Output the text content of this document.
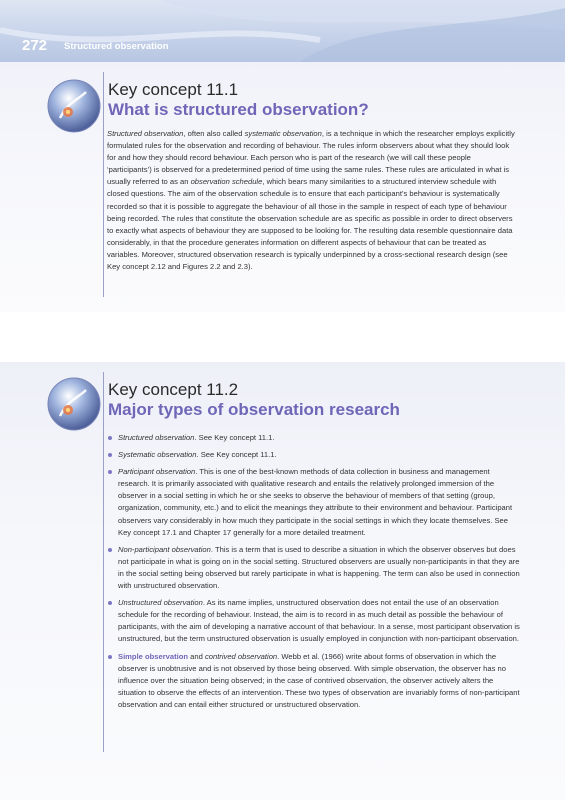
272 Structured observation
Key concept 11.1
What is structured observation?

Structured observation, often also called systematic observation, is a technique in which the researcher employs explicitly formulated rules for the observation and recording of behaviour. The rules inform observers about what they should look for and how they should record behaviour. Each person who is part of the research (we will call these people ‘participants’) is observed for a predetermined period of time using the same rules. These rules are articulated in what is usually referred to as an observation schedule, which bears many similarities to a structured interview schedule with closed questions. The aim of the observation schedule is to ensure that each participant’s behaviour is systematically recorded so that it is possible to aggregate the behaviour of all those in the sample in respect of each type of behaviour being recorded. The rules that constitute the observation schedule are as specific as possible in order to direct observers to exactly what aspects of behaviour they are supposed to be looking for. The resulting data resemble questionnaire data considerably, in that the procedure generates information on different aspects of behaviour that can be treated as variables. Moreover, structured observation research is typically underpinned by a cross-sectional research design (see Key concept 2.12 and Figures 2.2 and 2.3).

Key concept 11.2
Major types of observation research
Structured observation. See Key concept 11.1.
Systematic observation. See Key concept 11.1.
Participant observation. This is one of the best-known methods of data collection in business and management research. It is primarily associated with qualitative research and entails the relatively prolonged immersion of the observer in a social setting in which he or she seeks to observe the behaviour of members of that setting (group, organization, community, etc.) and to elicit the meanings they attribute to their environment and behaviour. Participant observers vary considerably in how much they participate in the social settings in which they locate themselves. See Key concept 17.1 and Chapter 17 generally for a more detailed treatment.
Non-participant observation. This is a term that is used to describe a situation in which the observer observes but does not participate in what is going on in the social setting. Structured observers are usually non-participants in that they are in the social setting being observed but rarely participate in what is happening. The term can also be used in connection with unstructured observation.
Unstructured observation. As its name implies, unstructured observation does not entail the use of an observation schedule for the recording of behaviour. Instead, the aim is to record in as much detail as possible the behaviour of participants, with the aim of developing a narrative account of that behaviour. In a sense, most participant observation is unstructured, but the term unstructured observation is usually employed in conjunction with non-participant observation.
Simple observation and contrived observation. Webb et al. (1966) write about forms of observation in which the observer is unobtrusive and is not observed by those being observed. With simple observation, the observer has no influence over the situation being observed; in the case of contrived observation, the observer actively alters the situation to observe the effects of an intervention. These two types of observation are invariably forms of non-participant observation and can entail either structured or unstructured observation.
